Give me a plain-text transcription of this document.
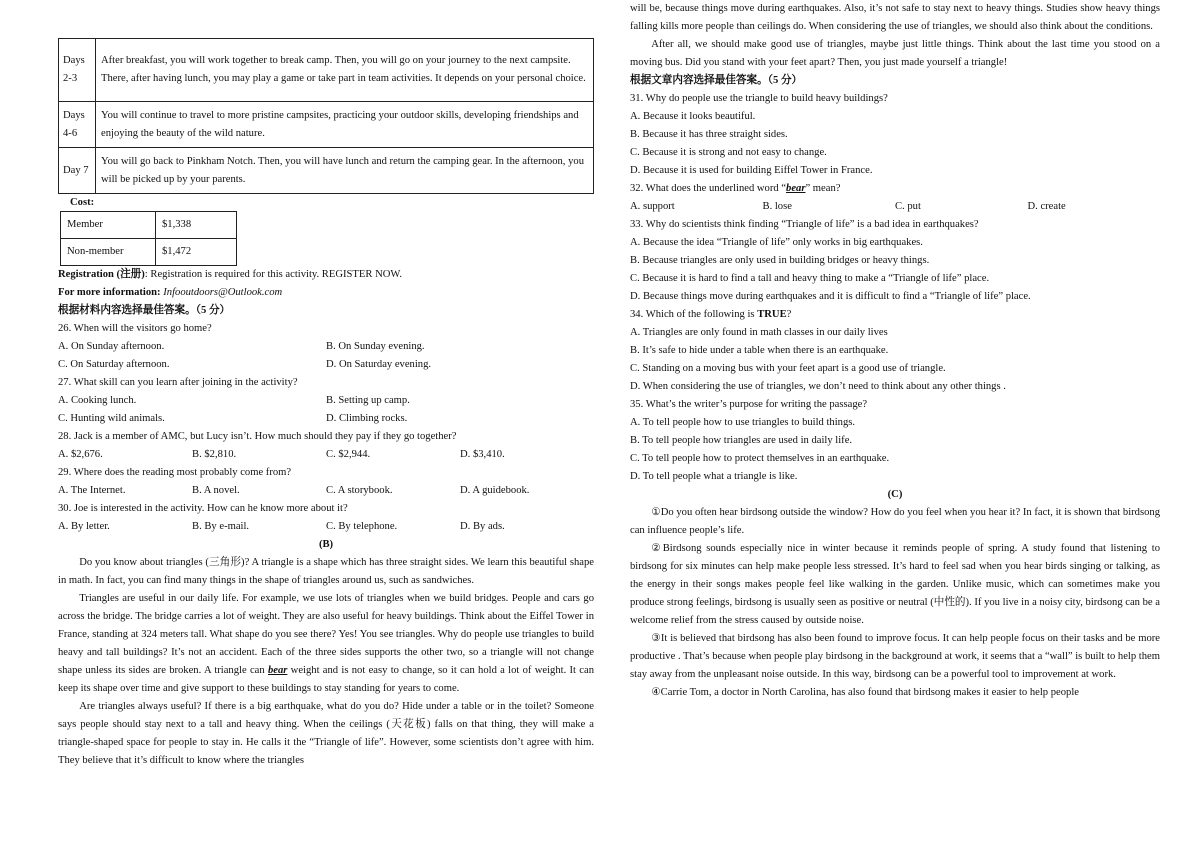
Days 2-3	After breakfast, you will work together to break camp. Then, you will go on your journey to the next campsite. There, after having lunch, you may play a game or take part in team activities. It depends on your personal choice.
Days 4-6	You will continue to travel to more pristine campsites, practicing your outdoor skills, developing friendships and enjoying the beauty of the wild nature.
Day 7	You will go back to Pinkham Notch. Then, you will have lunch and return the camping gear. In the afternoon, you will be picked up by your parents.
Cost:
Member	$1,338
Non-member	$1,472

Registration (注册): Registration is required for this activity. REGISTER NOW.

For more information: Infooutdoors@Outlook.com

根据材料内容选择最佳答案。（5 分）

26. When will the visitors go home?

A. On Sunday afternoon.	B. On Sunday evening.
C. On Saturday afternoon.	D. On Saturday evening.

27. What skill can you learn after joining in the activity?

A. Cooking lunch.	B. Setting up camp.
C. Hunting wild animals.	D. Climbing rocks.

28. Jack is a member of AMC, but Lucy isn’t. How much should they pay if they go together?

A. $2,676.	B. $2,810.	C. $2,944.	D. $3,410.

29. Where does the reading most probably come from?

A. The Internet.	B. A novel.	C. A storybook.	D. A guidebook.

30. Joe is interested in the activity. How can he know more about it?

A. By letter.	B. By e-mail.	C. By telephone.	D. By ads.

(B)

Do you know about triangles (三角形)? A triangle is a shape which has three straight sides. We learn this beautiful shape in math. In fact, you can find many things in the shape of triangles around us, such as sandwiches.

Triangles are useful in our daily life. For example, we use lots of triangles when we build bridges. People and cars go across the bridge. The bridge carries a lot of weight. They are also useful for heavy buildings. Think about the Eiffel Tower in France, standing at 324 meters tall. What shape do you see there? Yes! You see triangles. Why do people use triangles to build heavy and tall buildings? It’s not an accident. Each of the three sides supports the other two, so a triangle will not change shape unless its sides are broken. A triangle can bear weight and is not easy to change, so it can hold a lot of weight. It can keep its shape over time and give support to these buildings to stay standing for years to come.

Are triangles always useful? If there is a big earthquake, what do you do? Hide under a table or in the toilet? Someone says people should stay next to a tall and heavy thing. When the ceilings (天花板) falls on that thing, they will make a triangle-shaped space for people to stay in. He calls it the “Triangle of life”. However, some scientists don’t agree with him. They believe that it’s difficult to know where the triangles

will be, because things move during earthquakes. Also, it’s not safe to stay next to heavy things. Studies show heavy things falling kills more people than ceilings do. When considering the use of triangles, we should also think about the conditions.

After all, we should make good use of triangles, maybe just little things. Think about the last time you stood on a moving bus. Did you stand with your feet apart? Then, you just made yourself a triangle!

根据文章内容选择最佳答案。（5 分）

31. Why do people use the triangle to build heavy buildings?

A. Because it looks beautiful.

B. Because it has three straight sides.

C. Because it is strong and not easy to change.

D. Because it is used for building Eiffel Tower in France.

32. What does the underlined word “bear” mean?

A. support	B. lose	C. put	D. create

33. Why do scientists think finding “Triangle of life” is a bad idea in earthquakes?

A. Because the idea “Triangle of life” only works in big earthquakes.

B. Because triangles are only used in building bridges or heavy things.

C. Because it is hard to find a tall and heavy thing to make a “Triangle of life” place.

D. Because things move during earthquakes and it is difficult to find a “Triangle of life” place.

34. Which of the following is TRUE?

A. Triangles are only found in math classes in our daily lives

B. It’s safe to hide under a table when there is an earthquake.

C. Standing on a moving bus with your feet apart is a good use of triangle.

D. When considering the use of triangles, we don’t need to think about any other things .

35. What’s the writer’s purpose for writing the passage?

A. To tell people how to use triangles to build things.

B. To tell people how triangles are used in daily life.

C. To tell people how to protect themselves in an earthquake.

D. To tell people what a triangle is like.

(C)

①Do you often hear birdsong outside the window? How do you feel when you hear it? In fact, it is shown that birdsong can influence people’s life.

②Birdsong sounds especially nice in winter because it reminds people of spring. A study found that listening to birdsong for six minutes can help make people less stressed. It’s hard to feel sad when you hear birds singing or talking, as the energy in their songs makes people feel like walking in the garden. Unlike music, which can sometimes make you produce strong feelings, birdsong is usually seen as positive or neutral (中性的). If you live in a noisy city, birdsong can be a welcome relief from the stress caused by outside noise.

③It is believed that birdsong has also been found to improve focus. It can help people focus on their tasks and be more productive . That’s because when people play birdsong in the background at work, it seems that a “wall” is built to help them stay away from the unpleasant noise outside. In this way, birdsong can be a powerful tool to improvement at work.

④Carrie Tom, a doctor in North Carolina, has also found that birdsong makes it easier to help people
